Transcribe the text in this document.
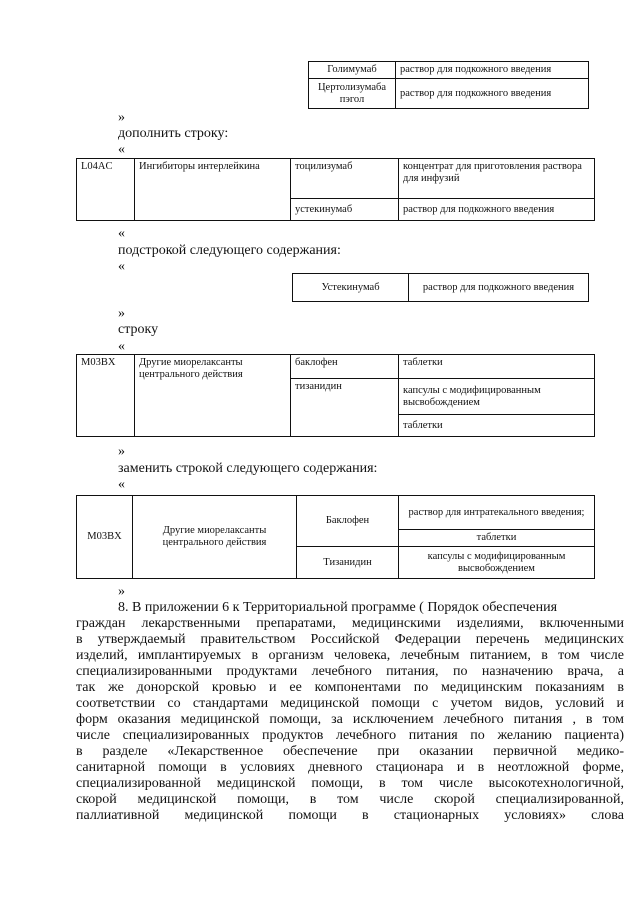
Голимумаб	раствор для подкожного введения
Цертолизумаба пэгол	раствор для подкожного введения
»
дополнить строку:
«
L04AC	Ингибиторы интерлейкина	тоцилизумаб	концентрат для приготовления раствора для инфузий
		устекинумаб	раствор для подкожного введения
«
подстрокой следующего содержания:
«
Устекинумаб	раствор для подкожного введения
»
строку
«
M03BX	Другие миорелаксанты центрального действия	баклофен	таблетки
		тизанидин	капсулы с модифицированным высвобождением
			таблетки
»
заменить строкой следующего содержания:
«
M03BX	Другие миорелаксанты центрального действия	Баклофен	раствор для интратекального введения;
			таблетки
		Тизанидин	капсулы с модифицированным высвобождением
»
8. В приложении 6 к Территориальной программе ( Порядок обеспечения
граждан лекарственными препаратами, медицинскими изделиями, включенными
в утверждаемый правительством Российской Федерации перечень медицинских
изделий, имплантируемых в организм человека, лечебным питанием, в том числе
специализированными продуктами лечебного питания, по назначению врача, а
так же донорской кровью и ее компонентами по медицинским показаниям в
соответствии со стандартами медицинской помощи с учетом видов, условий и
форм оказания медицинской помощи, за исключением лечебного питания , в том
числе специализированных продуктов лечебного питания по желанию пациента)
в разделе «Лекарственное обеспечение при оказании первичной медико-
санитарной помощи в условиях дневного стационара и в неотложной форме,
специализированной медицинской помощи, в том числе высокотехнологичной,
скорой медицинской помощи, в том числе скорой специализированной,
паллиативной медицинской помощи в стационарных условиях» слова
